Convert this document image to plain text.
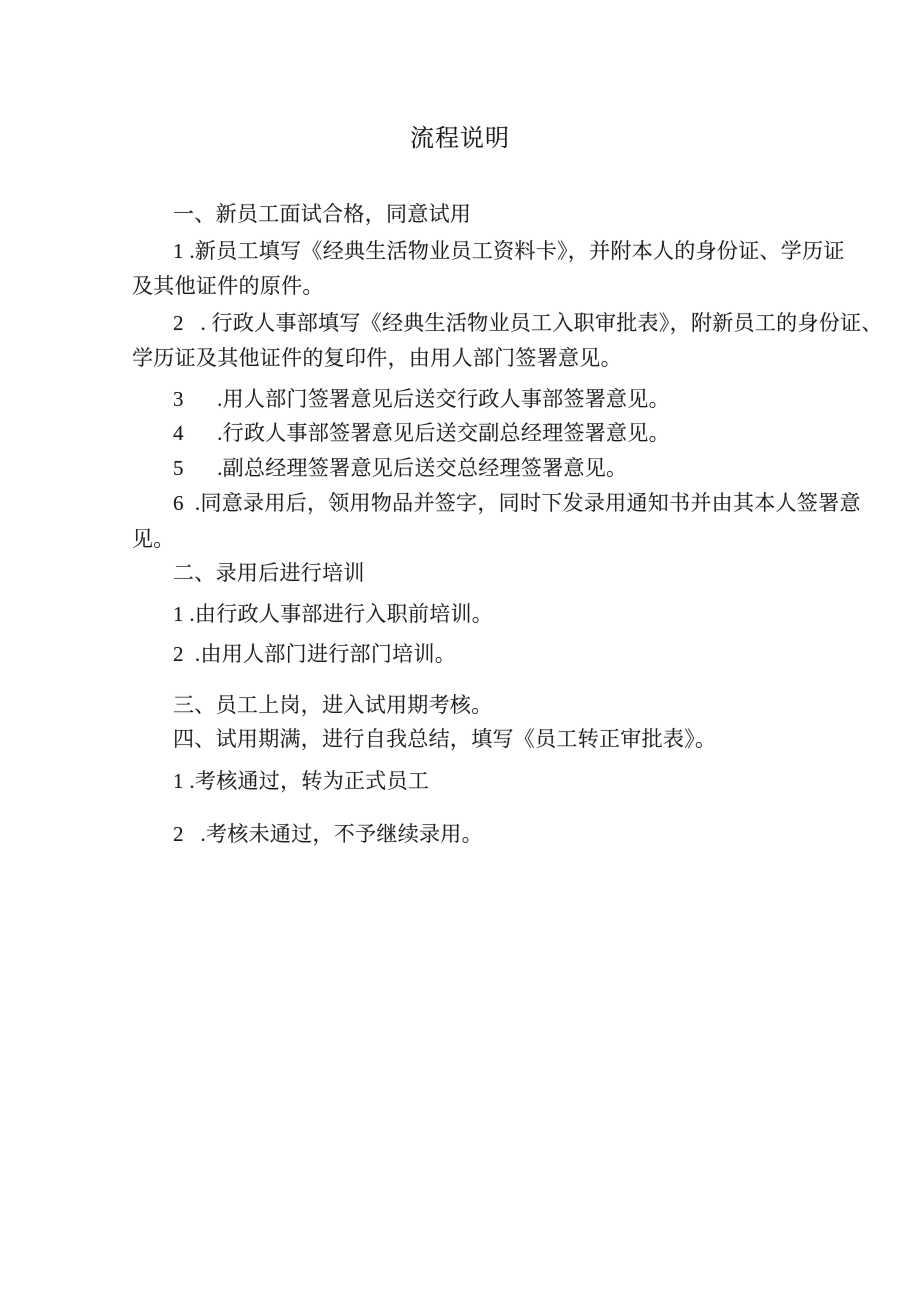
流程说明
一、新员工面试合格，同意试用
1 .新员工填写《经典生活物业员工资料卡》，并附本人的身份证、学历证
及其他证件的原件。
2   . 行政人事部填写《经典生活物业员工入职审批表》，附新员工的身份证、
学历证及其他证件的复印件，由用人部门签署意见。
3      .用人部门签署意见后送交行政人事部签署意见。
4      .行政人事部签署意见后送交副总经理签署意见。
5      .副总经理签署意见后送交总经理签署意见。
6  .同意录用后，领用物品并签字，同时下发录用通知书并由其本人签署意
见。
二、录用后进行培训
1 .由行政人事部进行入职前培训。
2  .由用人部门进行部门培训。
三、员工上岗，进入试用期考核。
四、试用期满，进行自我总结，填写《员工转正审批表》。
1 .考核通过，转为正式员工
2   .考核未通过，不予继续录用。
